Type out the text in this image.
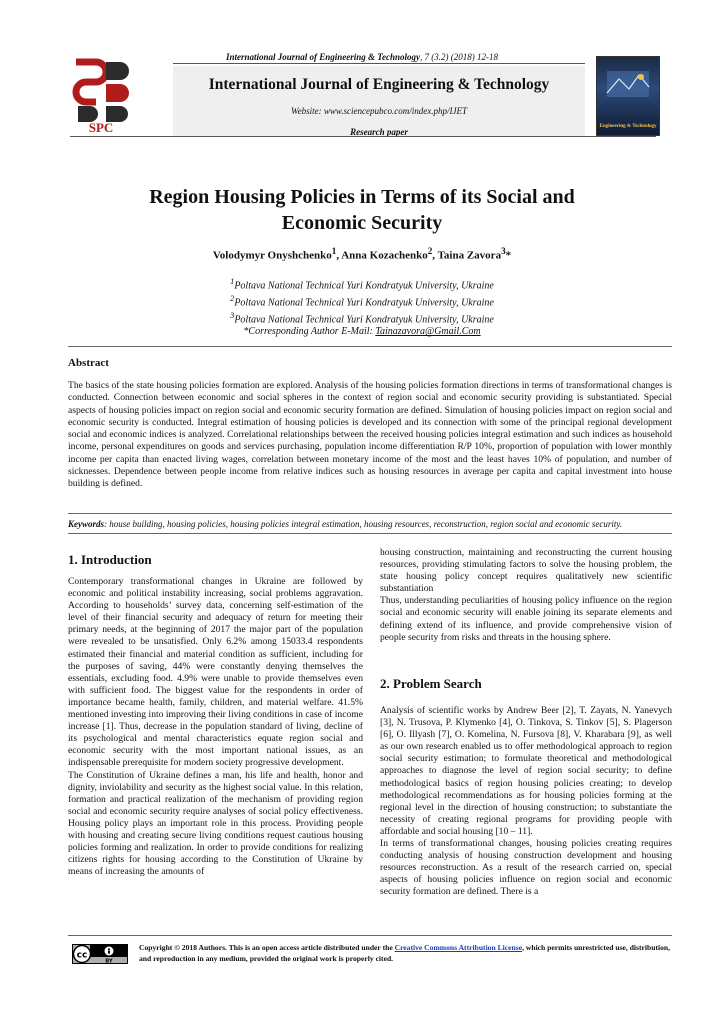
International Journal of Engineering & Technology, 7 (3.2) (2018) 12-18
SPC
International Journal of Engineering & Technology
Website: www.sciencepubco.com/index.php/IJET
Research paper
Engineering & Technology
Region Housing Policies in Terms of its Social and
Economic Security
Volodymyr Onyshchenko$^1$, Anna Kozachenko$^2$, Taina Zavora$^3$*
$^1$Poltava National Technical Yuri Kondratyuk University, Ukraine
$^2$Poltava National Technical Yuri Kondratyuk University, Ukraine
$^3$Poltava National Technical Yuri Kondratyuk University, Ukraine
*Corresponding Author E-Mail: Tainazavora@Gmail.Com
Abstract
The basics of the state housing policies formation are explored. Analysis of the housing policies formation directions in terms of transformational changes is conducted. Connection between economic and social spheres in the context of region social and economic security providing is substantiated. Special aspects of housing policies impact on region social and economic security formation are defined. Simulation of housing policies impact on region social and economic security is conducted. Integral estimation of housing policies is developed and its connection with some of the principal regional development social and economic indices is analyzed. Correlational relationships between the received housing policies integral estimation and such indices as household income, personal expenditures on goods and services purchasing, population income differentiation R/P 10%, proportion of population with lower monthly income per capita than enacted living wages, correlation between monetary income of the most and the least haves 10% of population, and number of sicknesses. Dependence between people income from relative indices such as housing resources in average per capita and capital investment into house building is defined.
Keywords: house building, housing policies, housing policies integral estimation, housing resources, reconstruction, region social and economic security.
1. Introduction

Contemporary transformational changes in Ukraine are followed by economic and political instability increasing, social problems aggravation. According to households’ survey data, concerning self-estimation of the level of their financial security and adequacy of return for meeting their primary needs, at the beginning of 2017 the major part of the population were revealed to be unsatisfied. Only 6.2% among 15033.4 respondents estimated their financial and material condition as sufficient, including for the purposes of saving, 44% were constantly denying themselves the essentials, excluding food. 4.9% were unable to provide themselves even with sufficient food. The biggest value for the respondents in order of importance became health, family, children, and material welfare. 41.5% mentioned investing into improving their living conditions in case of income increase [1]. Thus, decrease in the population standard of living, decline of its psychological and mental characteristics equate region social and economic security with the most important national issues, as an indispensable prerequisite for modern society progressive development.

The Constitution of Ukraine defines a man, his life and health, honor and dignity, inviolability and security as the highest social value. In this relation, formation and practical realization of the mechanism of providing region social and economic security require analyses of social policy effectiveness. Housing policy plays an important role in this process. Providing people with housing and creating secure living conditions request cautious housing policies forming and realization. In order to provide conditions for realizing citizens rights for housing according to the Constitution of Ukraine by means of increasing the amounts of

housing construction, maintaining and reconstructing the current housing resources, providing stimulating factors to solve the housing problem, the state housing policy concept requires qualitatively new scientific substantiation

Thus, understanding peculiarities of housing policy influence on the region social and economic security will enable joining its separate elements and defining extend of its influence, and provide comprehensive vision of people security from risks and threats in the housing sphere.

2. Problem Search

Analysis of scientific works by Andrew Beer [2], T. Zayats, N. Yanevych [3], N. Trusova, P. Klymenko [4], O. Tinkova, S. Tinkov [5], S. Plagerson [6], O. Illyash [7], O. Komelina, N. Fursova [8], V. Kharabara [9], as well as our own research enabled us to offer methodological approach to region social security estimation; to formulate theoretical and methodological approaches to diagnose the level of region social security; to define methodological basics of region housing policies creating; to develop methodological recommendations as for housing policies forming at the regional level in the direction of housing construction; to substantiate the necessity of creating regional programs for providing people with affordable and social housing [10 – 11].

In terms of transformational changes, housing policies creating requires conducting analysis of housing construction development and housing resources reconstruction. As a result of the research carried on, special aspects of housing policies influence on region social and economic security formation are defined. There is a

cc
BY
Copyright © 2018 Authors. This is an open access article distributed under the Creative Commons Attribution License, which permits unrestricted use, distribution, and reproduction in any medium, provided the original work is properly cited.
